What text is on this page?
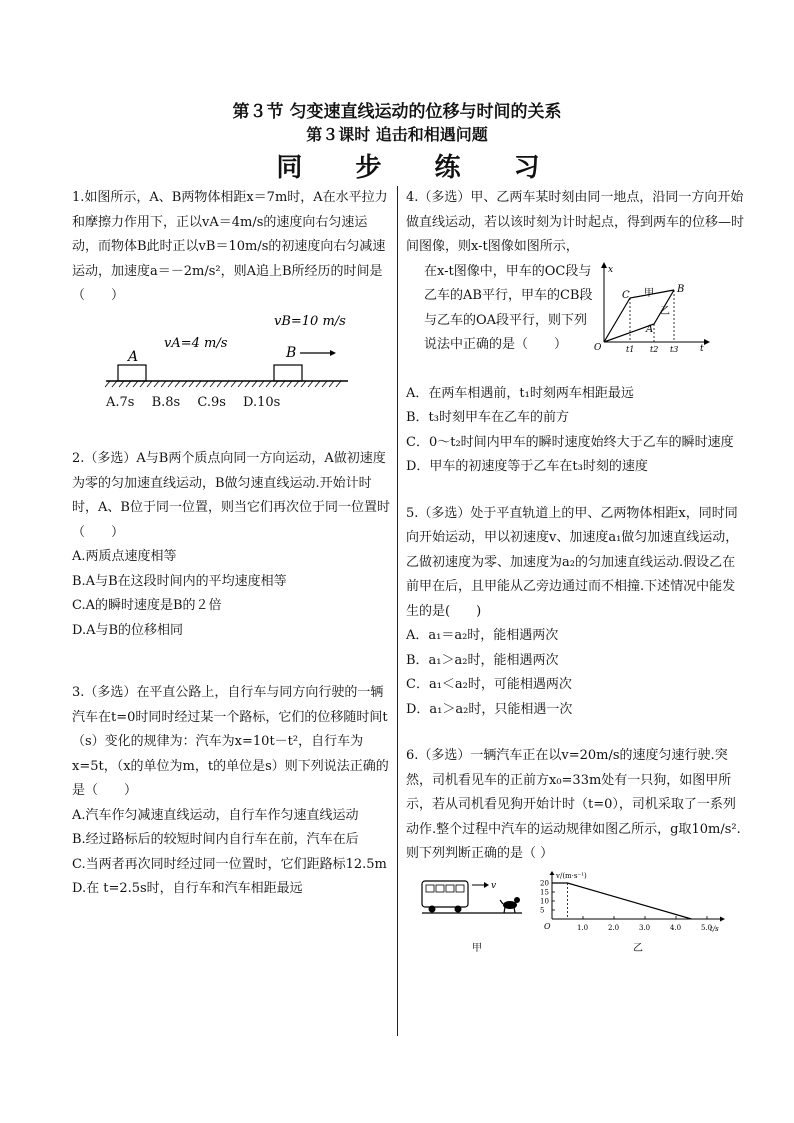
第３节 匀变速直线运动的位移与时间的关系
第３课时 追击和相遇问题
同 步 练 习

1.如图所示，A、B两物体相距x＝7m时，A在水平拉力和摩擦力作用下，正以vA＝4m/s的速度向右匀速运动，而物体B此时正以vB＝10m/s的初速度向右匀减速运动，加速度a＝－2m/s²，则A追上B所经历的时间是（　　）

vB=10 m/s
vA=4 m/s
A	B

A.7s　 B.8s　 C.9s　 D.10s

2.（多选）A与B两个质点向同一方向运动，A做初速度为零的匀加速直线运动，B做匀速直线运动.开始计时时，A、B位于同一位置，则当它们再次位于同一位置时（　　）

A.两质点速度相等

B.A与B在这段时间内的平均速度相等

C.A的瞬时速度是B的２倍

D.A与B的位移相同

3.（多选）在平直公路上，自行车与同方向行驶的一辆汽车在t=0时同时经过某一个路标，它们的位移随时间t（s）变化的规律为：汽车为x=10t－t²，自行车为x=5t，（x的单位为m，t的单位是s）则下列说法正确的是（　　）

A.汽车作匀减速直线运动，自行车作匀速直线运动

B.经过路标后的较短时间内自行车在前，汽车在后

C.当两者再次同时经过同一位置时，它们距路标12.5m

D.在 t=2.5s时，自行车和汽车相距最远

4.（多选）甲、乙两车某时刻由同一地点，沿同一方向开始做直线运动，若以该时刻为计时起点，得到两车的位移—时间图像，则x-t图像如图所示，

在x-t图像中，甲车的OC段与乙车的AB平行，甲车的CB段与乙车的OA段平行，则下列说法中正确的是（　　）

x
t
O
C
B
A
甲
乙
t1 t2 t3

A．在两车相遇前，t₁时刻两车相距最远

B．t₃时刻甲车在乙车的前方

C．0～t₂时间内甲车的瞬时速度始终大于乙车的瞬时速度

D．甲车的初速度等于乙车在t₃时刻的速度

5.（多选）处于平直轨道上的甲、乙两物体相距x，同时同向开始运动，甲以初速度v、加速度a₁做匀加速直线运动，乙做初速度为零、加速度为a₂的匀加速直线运动.假设乙在前甲在后，且甲能从乙旁边通过而不相撞.下述情况中能发生的是(　　)

A．a₁＝a₂时，能相遇两次

B．a₁＞a₂时，能相遇两次

C．a₁＜a₂时，可能相遇两次

D．a₁＞a₂时，只能相遇一次

6.（多选）一辆汽车正在以v=20m/s的速度匀速行驶.突然，司机看见车的正前方x₀=33m处有一只狗，如图甲所示，若从司机看见狗开始计时（t=0），司机采取了一系列动作.整个过程中汽车的运动规律如图乙所示，g取10m/s².则下列判断正确的是（ ）

v
甲
v/(m·s⁻¹)
t/s
O
20
15
10
5
1.0	2.0	3.0	4.0	5.0
乙
